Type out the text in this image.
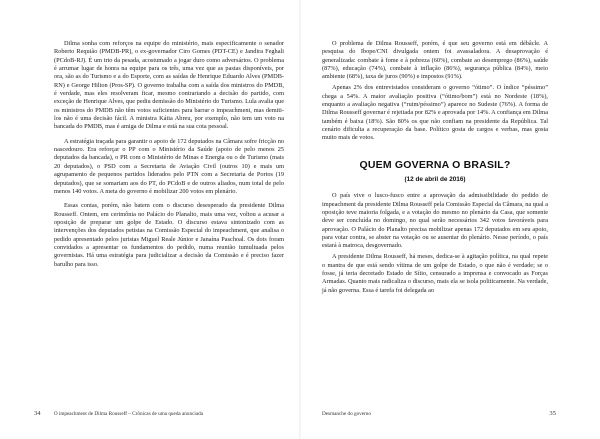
Dilma sonha com reforços na equipe do ministério, mais especificamente o senador Roberto Requião (PMDB-PR), o ex-governador Ciro Gomes (PDT-CE) e Jandira Feghali (PCdoB-RJ). É um trio da pesada, acostumado a jogar duro como adversários. O problema é arrumar lugar de honra na equipe para os três, uma vez que as pastas disponíveis, por ora, são as do Turismo e a do Esporte, com as saídas de Henrique Eduardo Alves (PMDB-RN) e George Hilton (Pros-SP). O governo trabalha com a saída dos ministros do PMDB, é verdade, mas eles resolveram ficar, mesmo contrariando a decisão do partido, com exceção de Henrique Alves, que pediu demissão do Ministério do Turismo. Lula avalia que os ministros do PMDB não têm votos suficientes para barrar o impeachment, mas demiti-los não é uma decisão fácil. A ministra Kátia Abreu, por exemplo, não tem um voto na bancada do PMDB, mas é amiga de Dilma e está na sua cota pessoal.

A estratégia traçada para garantir o apoio de 172 deputados na Câmara sofre fricção no nascedouro. Era reforçar o PP com o Ministério da Saúde (apoio de pelo menos 25 deputados da bancada), o PR com o Ministério de Minas e Energia ou o de Turismo (mais 20 deputados), o PSD com a Secretaria de Aviação Civil (outros 10) e mais um agrupamento de pequenos partidos liderados pelo PTN com a Secretaria de Portos (19 deputados), que se somariam aos do PT, do PCdoB e de outros aliados, num total de pelo menos 140 votos. A meta do governo é mobilizar 200 votos em plenário.

Essas contas, porém, não batem com o discurso desesperado da presidente Dilma Rousseff. Ontem, em cerimônia no Palácio do Planalto, mais uma vez, voltou a acusar a oposição de preparar um golpe de Estado. O discurso estava sintonizado com as intervenções dos deputados petistas na Comissão Especial do impeachment, que analisa o pedido apresentado pelos juristas Miguel Reale Júnior e Janaína Paschoal. Os dois foram convidados a apresentar os fundamentos do pedido, numa reunião tumultuada pelos governistas. Há uma estratégia para judicializar a decisão da Comissão e é preciso fazer barulho para isso.

34	O impeachment de Dilma Rousseff – Crônicas de uma queda anunciada

O problema de Dilma Rousseff, porém, é que seu governo está em débâcle. A pesquisa do Ibope/CNI divulgada ontem foi avassaladora. A desaprovação é generalizada: combate à fome e à pobreza (60%), combate ao desemprego (86%), saúde (87%), educação (74%), combate à inflação (86%), segurança pública (84%), meio ambiente (68%), taxa de juros (90%) e impostos (91%).

Apenas 2% dos entrevistados consideram o governo “ótimo”. O índice “péssimo” chega a 54%. A maior avaliação positiva (“ótimo/bom”) está no Nordeste (18%), enquanto a avaliação negativa (“ruim/péssimo”) aparece no Sudeste (76%). A forma de Dilma Rousseff governar é rejeitada por 82% e aprovada por 14%. A confiança em Dilma também é baixa (18%). São 80% os que não confiam na presidente da República. Tal cenário dificulta a recuperação da base. Político gosta de cargos e verbas, mas gosta muito mais de votos.

QUEM GOVERNA O BRASIL?
(12 de abril de 2016)

O país vive o lusco-fusco entre a aprovação da admissibilidade do pedido de impeachment da presidente Dilma Rousseff pela Comissão Especial da Câmara, na qual a oposição teve maioria folgada, e a votação do mesmo no plenário da Casa, que somente deve ser concluída no domingo, no qual serão necessários 342 votos favoráveis para aprovação. O Palácio do Planalto precisa mobilizar apenas 172 deputados em seu apoio, para votar contra, se abster na votação ou se ausentar do plenário. Nesse período, o país estará à matroca, desgovernado.

A presidente Dilma Rousseff, há meses, dedica-se à agitação política, na qual repete o mantra de que está sendo vítima de um golpe de Estado, o que não é verdade; se o fosse, já teria decretado Estado de Sítio, censurado a imprensa e convocado as Forças Armadas. Quanto mais radicaliza o discurso, mais ela se isola politicamente. Na verdade, já não governa. Essa é tarefa foi delegada ao

Desmanche do governo	35
